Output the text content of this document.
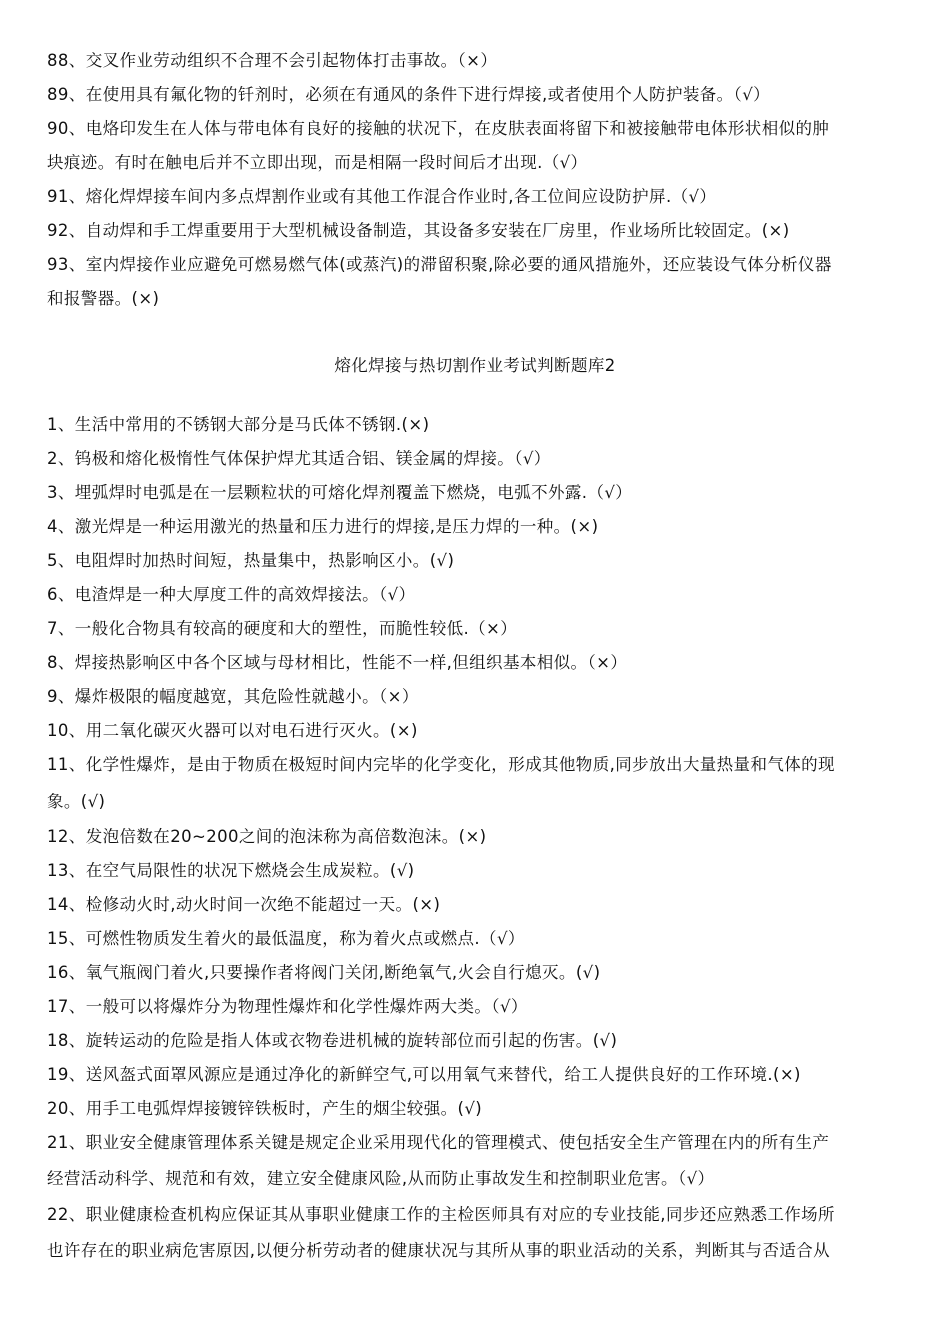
88、交叉作业劳动组织不合理不会引起物体打击事故。（×）
89、在使用具有氟化物的钎剂时，必须在有通风的条件下进行焊接,或者使用个人防护装备。（√）
90、电烙印发生在人体与带电体有良好的接触的状况下，在皮肤表面将留下和被接触带电体形状相似的肿
块痕迹。有时在触电后并不立即出现，而是相隔一段时间后才出现.（√）
91、熔化焊焊接车间内多点焊割作业或有其他工作混合作业时,各工位间应设防护屏.（√）
92、自动焊和手工焊重要用于大型机械设备制造，其设备多安装在厂房里，作业场所比较固定。(×)
93、室内焊接作业应避免可燃易燃气体(或蒸汽)的滞留积聚,除必要的通风措施外，还应装设气体分析仪器
和报警器。(×)
熔化焊接与热切割作业考试判断题库2
1、生活中常用的不锈钢大部分是马氏体不锈钢.(×)
2、钨极和熔化极惰性气体保护焊尤其适合铝、镁金属的焊接。（√）
3、埋弧焊时电弧是在一层颗粒状的可熔化焊剂覆盖下燃烧，电弧不外露.（√）
4、激光焊是一种运用激光的热量和压力进行的焊接,是压力焊的一种。(×)
5、电阻焊时加热时间短，热量集中，热影响区小。(√)
6、电渣焊是一种大厚度工件的高效焊接法。（√）
7、一般化合物具有较高的硬度和大的塑性，而脆性较低.（×）
8、焊接热影响区中各个区域与母材相比，性能不一样,但组织基本相似。（×）
9、爆炸极限的幅度越宽，其危险性就越小。（×）
10、用二氧化碳灭火器可以对电石进行灭火。(×)
11、化学性爆炸，是由于物质在极短时间内完毕的化学变化，形成其他物质,同步放出大量热量和气体的现
象。(√)
12、发泡倍数在20~200之间的泡沫称为高倍数泡沫。(×)
13、在空气局限性的状况下燃烧会生成炭粒。(√)
14、检修动火时,动火时间一次绝不能超过一天。(×)
15、可燃性物质发生着火的最低温度，称为着火点或燃点.（√）
16、氧气瓶阀门着火,只要操作者将阀门关闭,断绝氧气,火会自行熄灭。(√)
17、一般可以将爆炸分为物理性爆炸和化学性爆炸两大类。（√）
18、旋转运动的危险是指人体或衣物卷进机械的旋转部位而引起的伤害。(√)
19、送风盔式面罩风源应是通过净化的新鲜空气,可以用氧气来替代，给工人提供良好的工作环境.(×)
20、用手工电弧焊焊接镀锌铁板时，产生的烟尘较强。(√)
21、职业安全健康管理体系关键是规定企业采用现代化的管理模式、使包括安全生产管理在内的所有生产
经营活动科学、规范和有效，建立安全健康风险,从而防止事故发生和控制职业危害。（√）
22、职业健康检查机构应保证其从事职业健康工作的主检医师具有对应的专业技能,同步还应熟悉工作场所
也许存在的职业病危害原因,以便分析劳动者的健康状况与其所从事的职业活动的关系，判断其与否适合从
